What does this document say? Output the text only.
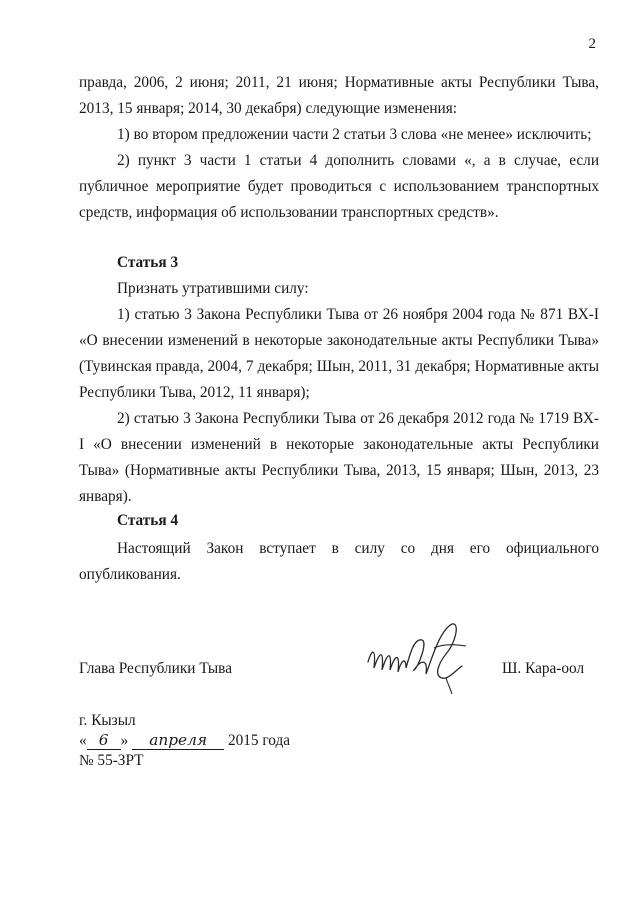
2

правда, 2006, 2 июня; 2011, 21 июня; Нормативные акты Республики Тыва, 2013, 15 января; 2014, 30 декабря) следующие изменения:

1) во втором предложении части 2 статьи 3 слова «не менее» исключить;

2) пункт 3 части 1 статьи 4 дополнить словами «, а в случае, если публичное мероприятие будет проводиться с использованием транспортных средств, информация об использовании транспортных средств».

Статья 3

Признать утратившими силу:

1) статью 3 Закона Республики Тыва от 26 ноября 2004 года № 871 ВХ-I «О внесении изменений в некоторые законодательные акты Республики Тыва» (Тувинская правда, 2004, 7 декабря; Шын, 2011, 31 декабря; Нормативные акты Республики Тыва, 2012, 11 января);

2) статью 3 Закона Республики Тыва от 26 декабря 2012 года № 1719 ВХ-I «О внесении изменений в некоторые законодательные акты Республики Тыва» (Нормативные акты Республики Тыва, 2013, 15 января; Шын, 2013, 23 января).

Статья 4

Настоящий Закон вступает в силу со дня его официального опубликования.

Глава Республики Тыва	Ш. Кара-оол
г. Кызыл
« 6 » апреля 2015 года
№ 55-ЗРТ
